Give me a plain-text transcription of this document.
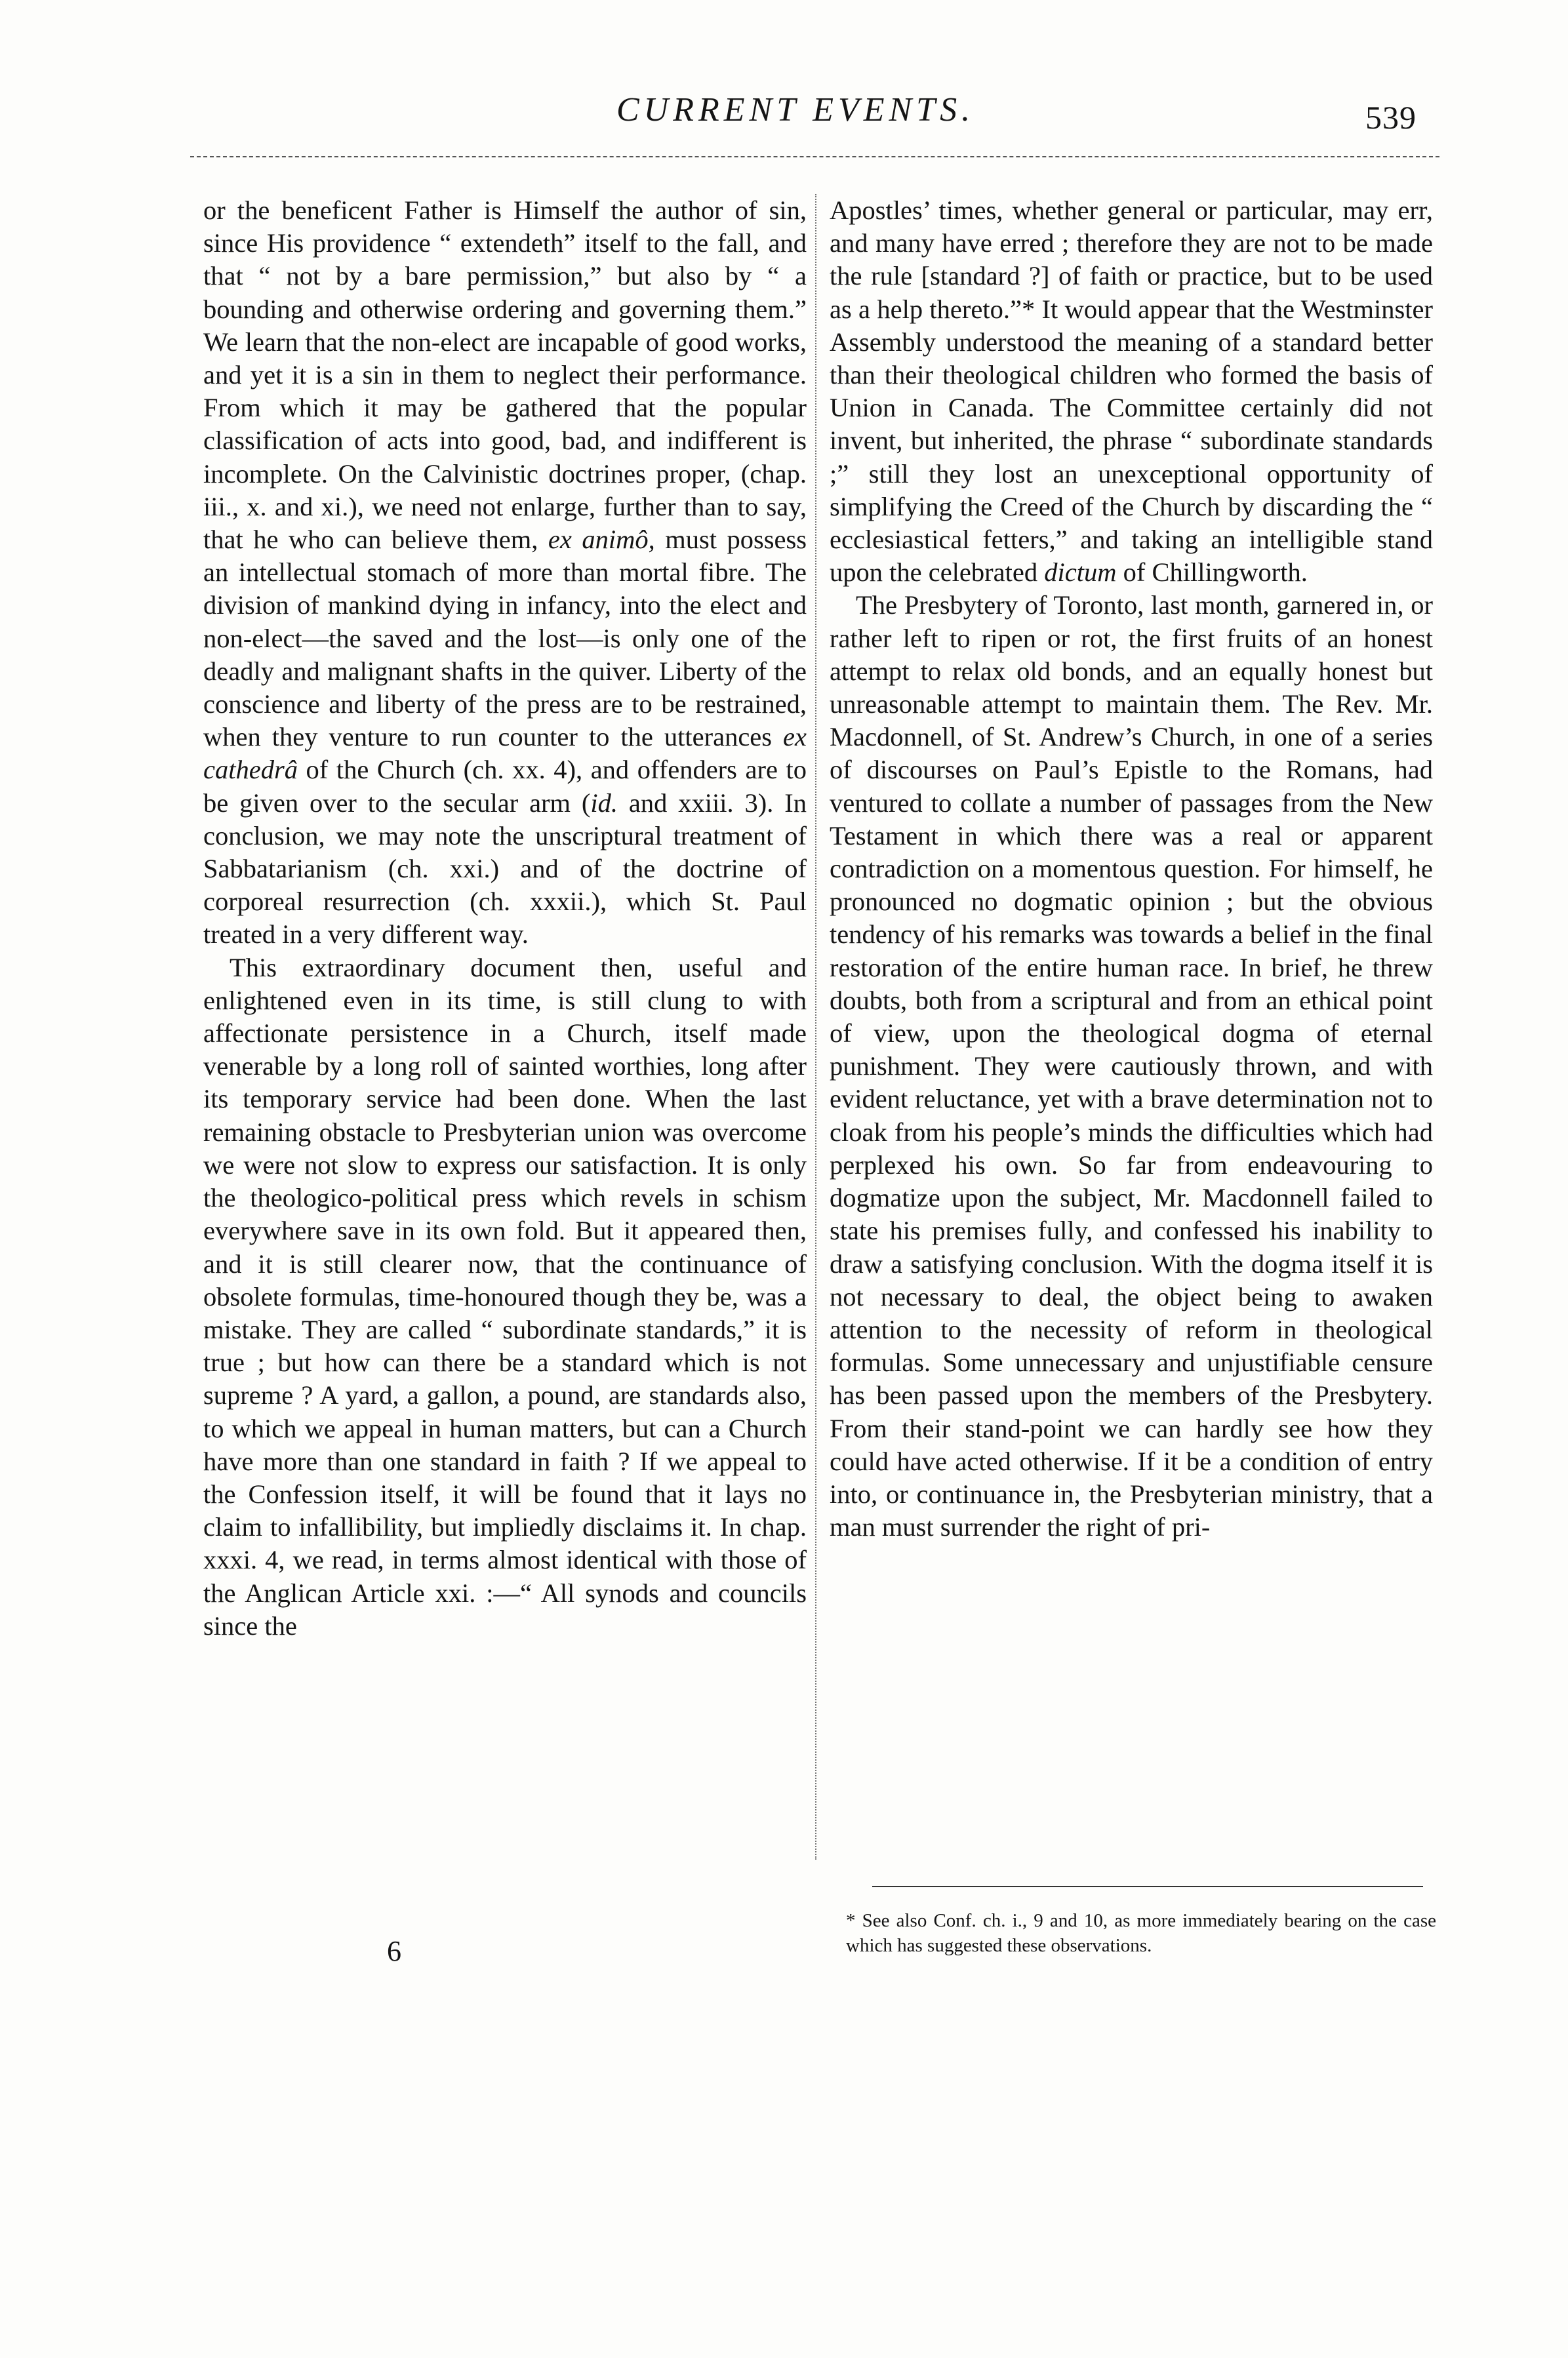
CURRENT EVENTS.	539

or the beneficent Father is Himself the author of sin, since His providence “ extendeth” itself to the fall, and that “ not by a bare permission,” but also by “ a bounding and otherwise ordering and governing them.” We learn that the non-elect are incapable of good works, and yet it is a sin in them to neglect their performance. From which it may be gathered that the popular classification of acts into good, bad, and indifferent is incomplete. On the Calvinistic doctrines proper, (chap. iii., x. and xi.), we need not enlarge, further than to say, that he who can believe them, ex animô, must possess an intellectual stomach of more than mortal fibre. The division of mankind dying in infancy, into the elect and non-elect—the saved and the lost—is only one of the deadly and malignant shafts in the quiver. Liberty of the conscience and liberty of the press are to be restrained, when they venture to run counter to the utterances ex cathedrâ of the Church (ch. xx. 4), and offenders are to be given over to the secular arm (id. and xxiii. 3). In conclusion, we may note the unscriptural treatment of Sabbatarianism (ch. xxi.) and of the doctrine of corporeal resurrection (ch. xxxii.), which St. Paul treated in a very different way.

This extraordinary document then, useful and enlightened even in its time, is still clung to with affectionate persistence in a Church, itself made venerable by a long roll of sainted worthies, long after its temporary service had been done. When the last remaining obstacle to Presbyterian union was overcome we were not slow to express our satisfaction. It is only the theologico-political press which revels in schism everywhere save in its own fold. But it appeared then, and it is still clearer now, that the continuance of obsolete formulas, time-honoured though they be, was a mistake. They are called “ subordinate standards,” it is true ; but how can there be a standard which is not supreme ? A yard, a gallon, a pound, are standards also, to which we appeal in human matters, but can a Church have more than one standard in faith ? If we appeal to the Confession itself, it will be found that it lays no claim to infallibility, but impliedly disclaims it. In chap. xxxi. 4, we read, in terms almost identical with those of the Anglican Article xxi. :—“ All synods and councils since the

Apostles’ times, whether general or particular, may err, and many have erred ; therefore they are not to be made the rule [standard ?] of faith or practice, but to be used as a help thereto.”* It would appear that the Westminster Assembly understood the meaning of a standard better than their theological children who formed the basis of Union in Canada. The Committee certainly did not invent, but inherited, the phrase “ subordinate standards ;” still they lost an unexceptional opportunity of simplifying the Creed of the Church by discarding the “ ecclesiastical fetters,” and taking an intelligible stand upon the celebrated dictum of Chillingworth.

The Presbytery of Toronto, last month, garnered in, or rather left to ripen or rot, the first fruits of an honest attempt to relax old bonds, and an equally honest but unreasonable attempt to maintain them. The Rev. Mr. Macdonnell, of St. Andrew’s Church, in one of a series of discourses on Paul’s Epistle to the Romans, had ventured to collate a number of passages from the New Testament in which there was a real or apparent contradiction on a momentous question. For himself, he pronounced no dogmatic opinion ; but the obvious tendency of his remarks was towards a belief in the final restoration of the entire human race. In brief, he threw doubts, both from a scriptural and from an ethical point of view, upon the theological dogma of eternal punishment. They were cautiously thrown, and with evident reluctance, yet with a brave determination not to cloak from his people’s minds the difficulties which had perplexed his own. So far from endeavouring to dogmatize upon the subject, Mr. Macdonnell failed to state his premises fully, and confessed his inability to draw a satisfying conclusion. With the dogma itself it is not necessary to deal, the object being to awaken attention to the necessity of reform in theological formulas. Some unnecessary and unjustifiable censure has been passed upon the members of the Presbytery. From their stand-point we can hardly see how they could have acted otherwise. If it be a condition of entry into, or continuance in, the Presbyterian ministry, that a man must surrender the right of pri-

* See also Conf. ch. i., 9 and 10, as more immediately bearing on the case which has suggested these observations.
6
